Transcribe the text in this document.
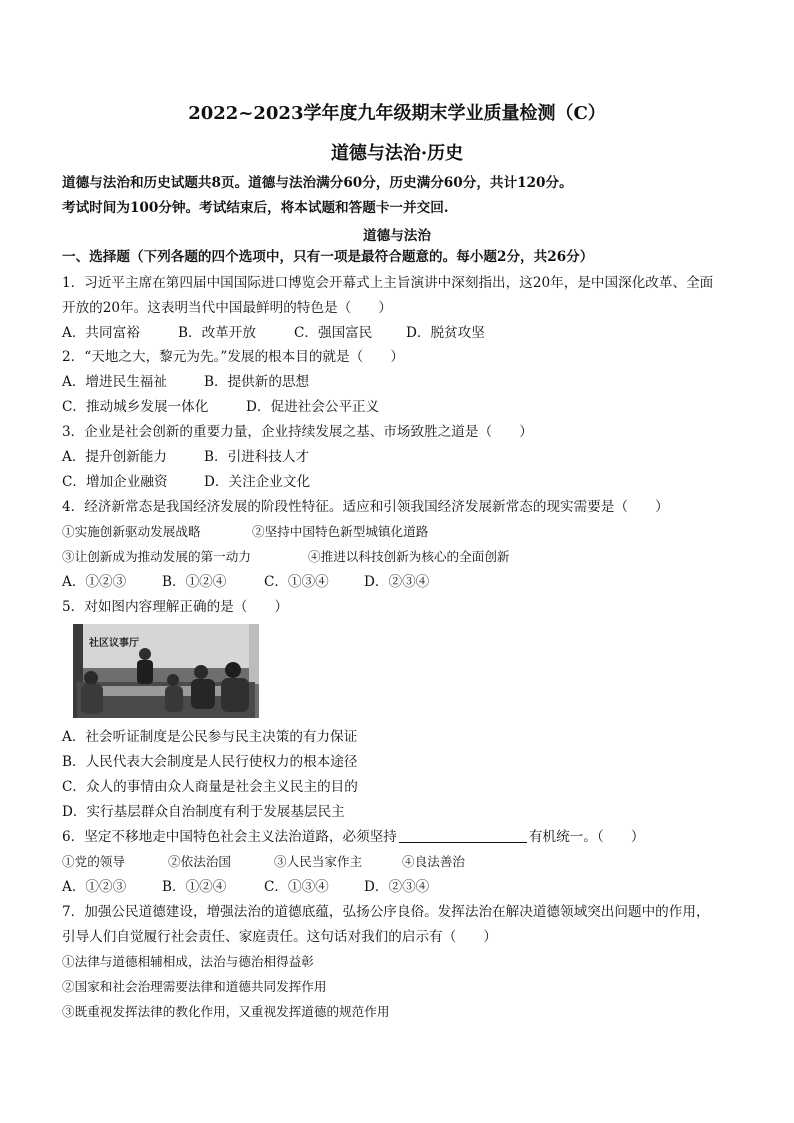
2022~2023学年度九年级期末学业质量检测（C）
道德与法治·历史
道德与法治和历史试题共8页。道德与法治满分60分，历史满分60分，共计120分。
考试时间为100分钟。考试结束后，将本试题和答题卡一并交回.
道德与法治
一、选择题（下列各题的四个选项中，只有一项是最符合题意的。每小题2分，共26分）
1．习近平主席在第四届中国国际进口博览会开幕式上主旨演讲中深刻指出，这20年，是中国深化改革、全面
开放的20年。这表明当代中国最鲜明的特色是（　　）
A．共同富裕	B．改革开放	C．强国富民 D．脱贫攻坚
2．“天地之大，黎元为先。”发展的根本目的就是（　　）
A．增进民生福祉	B．提供新的思想
C．推动城乡发展一体化	D．促进社会公平正义
3．企业是社会创新的重要力量，企业持续发展之基、市场致胜之道是（　　）
A．提升创新能力	B．引进科技人才
C．增加企业融资	D．关注企业文化
4．经济新常态是我国经济发展的阶段性特征。适应和引领我国经济发展新常态的现实需要是（　　）
①实施创新驱动发展战略	②坚持中国特色新型城镇化道路
③让创新成为推动发展的第一动力	④推进以科技创新为核心的全面创新
A．①②③	B．①②④	C．①③④	D．②③④
5．对如图内容理解正确的是（　　）
社区议事厅
A．社会听证制度是公民参与民主决策的有力保证
B．人民代表大会制度是人民行使权力的根本途径
C．众人的事情由众人商量是社会主义民主的目的
D．实行基层群众自治制度有利于发展基层民主
6．坚定不移地走中国特色社会主义法治道路，必须坚持	有机统一。（　　）
①党的领导	②依法治国	③人民当家作主	④良法善治
A．①②③	B．①②④	C．①③④	D．②③④
7．加强公民道德建设，增强法治的道德底蕴，弘扬公序良俗。发挥法治在解决道德领域突出问题中的作用，
引导人们自觉履行社会责任、家庭责任。这句话对我们的启示有（　　）
①法律与道德相辅相成，法治与德治相得益彰
②国家和社会治理需要法律和道德共同发挥作用
③既重视发挥法律的教化作用，又重视发挥道德的规范作用
